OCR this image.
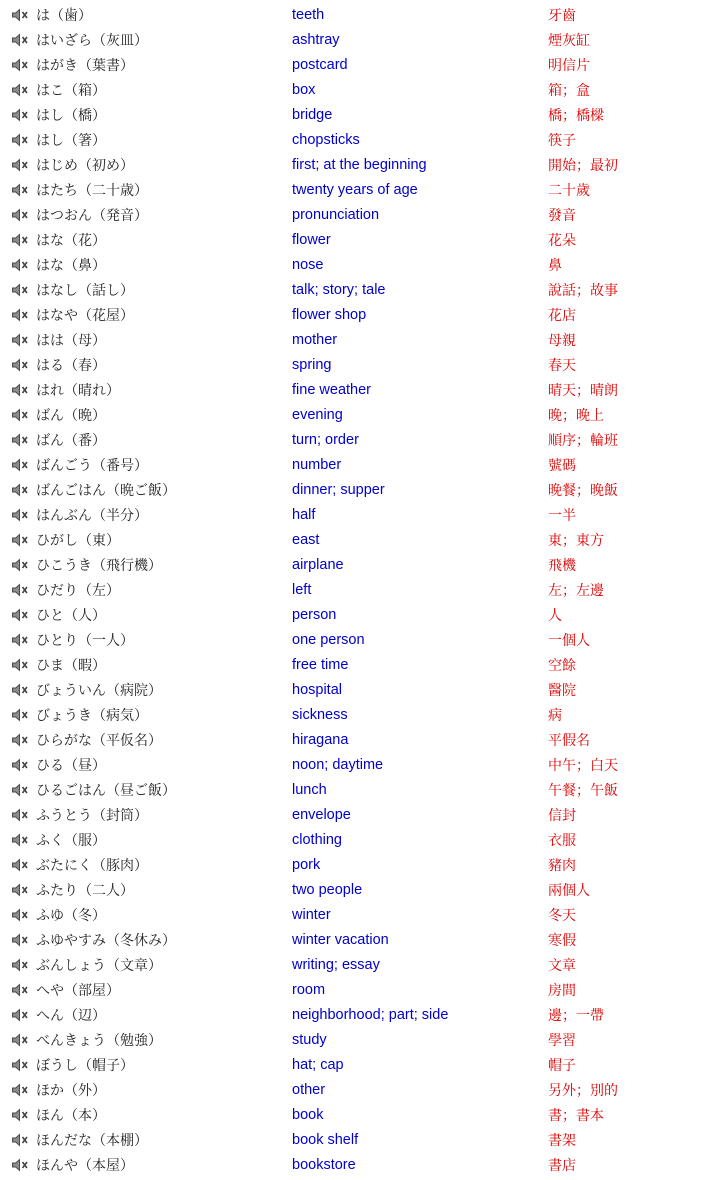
は（歯）	teeth	牙齒
はいざら（灰皿）	ashtray	煙灰缸
はがき（葉書）	postcard	明信片
はこ（箱）	box	箱；盒
はし（橋）	bridge	橋；橋樑
はし（箸）	chopsticks	筷子
はじめ（初め）	first; at the beginning	開始；最初
はたち（二十歳）	twenty years of age	二十歲
はつおん（発音）	pronunciation	發音
はな（花）	flower	花朵
はな（鼻）	nose	鼻
はなし（話し）	talk; story; tale	說話；故事
はなや（花屋）	flower shop	花店
はは（母）	mother	母親
はる（春）	spring	春天
はれ（晴れ）	fine weather	晴天；晴朗
ばん（晩）	evening	晚；晚上
ばん（番）	turn; order	順序；輪班
ばんごう（番号）	number	號碼
ばんごはん（晩ご飯）	dinner; supper	晚餐；晚飯
はんぶん（半分）	half	一半
ひがし（東）	east	東；東方
ひこうき（飛行機）	airplane	飛機
ひだり（左）	left	左；左邊
ひと（人）	person	人
ひとり（一人）	one person	一個人
ひま（暇）	free time	空餘
びょういん（病院）	hospital	醫院
びょうき（病気）	sickness	病
ひらがな（平仮名）	hiragana	平假名
ひる（昼）	noon; daytime	中午；白天
ひるごはん（昼ご飯）	lunch	午餐；午飯
ふうとう（封筒）	envelope	信封
ふく（服）	clothing	衣服
ぶたにく（豚肉）	pork	豬肉
ふたり（二人）	two people	兩個人
ふゆ（冬）	winter	冬天
ふゆやすみ（冬休み）	winter vacation	寒假
ぶんしょう（文章）	writing; essay	文章
へや（部屋）	room	房間
へん（辺）	neighborhood; part; side	邊；一帶
べんきょう（勉強）	study	學習
ぼうし（帽子）	hat; cap	帽子
ほか（外）	other	另外；別的
ほん（本）	book	書；書本
ほんだな（本棚）	book shelf	書架
ほんや（本屋）	bookstore	書店
